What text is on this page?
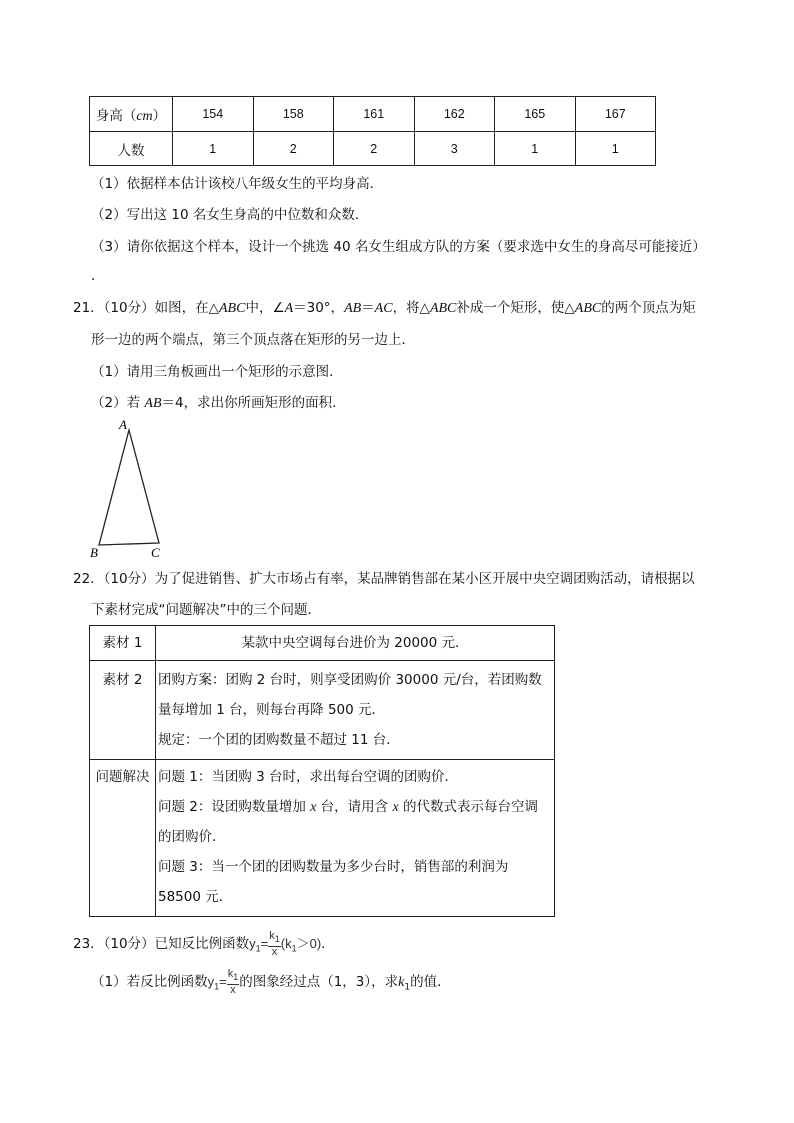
身高（cm）	154	158	161	162	165	167
人数	1	2	2	3	1	1
（1）依据样本估计该校八年级女生的平均身高．
（2）写出这 10 名女生身高的中位数和众数．
（3）请你依据这个样本，设计一个挑选 40 名女生组成方队的方案（要求选中女生的身高尽可能接近）
．
21．（10分）如图，在△ABC中，∠A＝30°，AB＝AC，将△ABC补成一个矩形，使△ABC的两个顶点为矩
形一边的两个端点，第三个顶点落在矩形的另一边上．
（1）请用三角板画出一个矩形的示意图．
（2）若 AB＝4，求出你所画矩形的面积．
A
B	C
22．（10分）为了促进销售、扩大市场占有率，某品牌销售部在某小区开展中央空调团购活动，请根据以
下素材完成“问题解决”中的三个问题．
素材 1	某款中央空调每台进价为 20000 元．

素材 2	团购方案：团购 2 台时，则享受团购价 30000 元/台，若团购数
量每增加 1 台，则每台再降 500 元．
规定：一个团的团购数量不超过 11 台．

问题解决	问题 1：当团购 3 台时，求出每台空调的团购价．
问题 2：设团购数量增加 x 台，请用含 x 的代数式表示每台空调
的团购价．
问题 3：当一个团的团购数量为多少台时，销售部的利润为
58500 元．
23．（10分）已知反比例函数$y_1= \frac{k_1}{x} (k_1>0)$．
（1）若反比例函数$y_1= \frac{k_1}{x}$ 的图象经过点（1，3），求$k_1$的值．
